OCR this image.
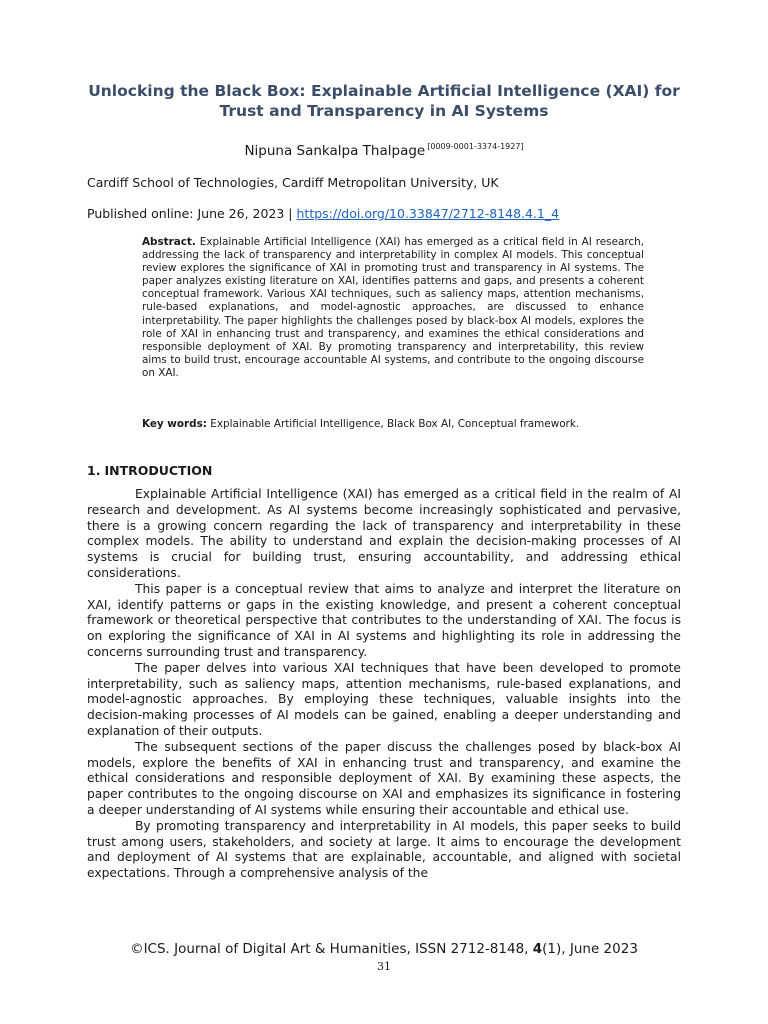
Unlocking the Black Box: Explainable Artificial Intelligence (XAI) for Trust and Transparency in AI Systems
Nipuna Sankalpa Thalpage [0009-0001-3374-1927]
Cardiff School of Technologies, Cardiff Metropolitan University, UK
Published online: June 26, 2023 | https://doi.org/10.33847/2712-8148.4.1_4

Abstract. Explainable Artificial Intelligence (XAI) has emerged as a critical field in AI research, addressing the lack of transparency and interpretability in complex AI models. This conceptual review explores the significance of XAI in promoting trust and transparency in AI systems. The paper analyzes existing literature on XAI, identifies patterns and gaps, and presents a coherent conceptual framework. Various XAI techniques, such as saliency maps, attention mechanisms, rule-based explanations, and model-agnostic approaches, are discussed to enhance interpretability. The paper highlights the challenges posed by black-box AI models, explores the role of XAI in enhancing trust and transparency, and examines the ethical considerations and responsible deployment of XAI. By promoting transparency and interpretability, this review aims to build trust, encourage accountable AI systems, and contribute to the ongoing discourse on XAI.

Key words: Explainable Artificial Intelligence, Black Box AI, Conceptual framework.

1. INTRODUCTION

Explainable Artificial Intelligence (XAI) has emerged as a critical field in the realm of AI research and development. As AI systems become increasingly sophisticated and pervasive, there is a growing concern regarding the lack of transparency and interpretability in these complex models. The ability to understand and explain the decision-making processes of AI systems is crucial for building trust, ensuring accountability, and addressing ethical considerations.

This paper is a conceptual review that aims to analyze and interpret the literature on XAI, identify patterns or gaps in the existing knowledge, and present a coherent conceptual framework or theoretical perspective that contributes to the understanding of XAI. The focus is on exploring the significance of XAI in AI systems and highlighting its role in addressing the concerns surrounding trust and transparency.

The paper delves into various XAI techniques that have been developed to promote interpretability, such as saliency maps, attention mechanisms, rule-based explanations, and model-agnostic approaches. By employing these techniques, valuable insights into the decision-making processes of AI models can be gained, enabling a deeper understanding and explanation of their outputs.

The subsequent sections of the paper discuss the challenges posed by black-box AI models, explore the benefits of XAI in enhancing trust and transparency, and examine the ethical considerations and responsible deployment of XAI. By examining these aspects, the paper contributes to the ongoing discourse on XAI and emphasizes its significance in fostering a deeper understanding of AI systems while ensuring their accountable and ethical use.

By promoting transparency and interpretability in AI models, this paper seeks to build trust among users, stakeholders, and society at large. It aims to encourage the development and deployment of AI systems that are explainable, accountable, and aligned with societal expectations. Through a comprehensive analysis of the

©ICS. Journal of Digital Art & Humanities, ISSN 2712-8148, 4(1), June 2023
31
